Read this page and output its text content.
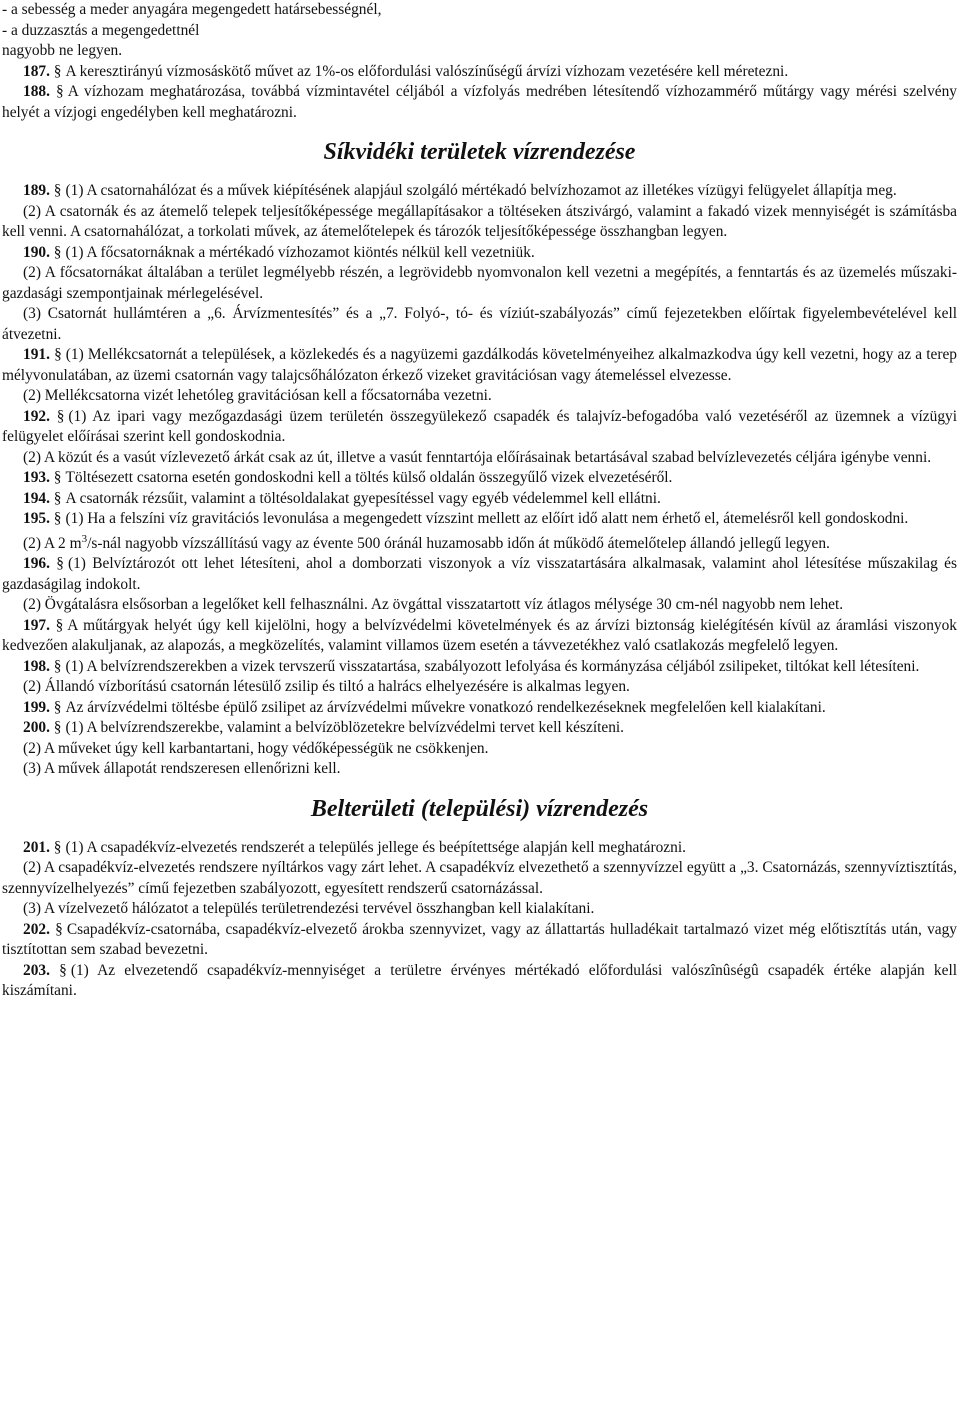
- a sebesség a meder anyagára megengedett határsebességnél,

- a duzzasztás a megengedettnél

nagyobb ne legyen.

187. § A keresztirányú vízmosáskötő művet az 1%-os előfordulási valószínűségű árvízi vízhozam vezetésére kell méretezni.

188. § A vízhozam meghatározása, továbbá vízmintavétel céljából a vízfolyás medrében létesítendő vízhozammérő műtárgy vagy mérési szelvény helyét a vízjogi engedélyben kell meghatározni.

Síkvidéki területek vízrendezése

189. § (1) A csatornahálózat és a művek kiépítésének alapjául szolgáló mértékadó belvízhozamot az illetékes vízügyi felügyelet állapítja meg.

(2) A csatornák és az átemelő telepek teljesítőképessége megállapításakor a töltéseken átszivárgó, valamint a fakadó vizek mennyiségét is számításba kell venni. A csatornahálózat, a torkolati művek, az átemelőtelepek és tározók teljesítőképessége összhangban legyen.

190. § (1) A főcsatornáknak a mértékadó vízhozamot kiöntés nélkül kell vezetniük.

(2) A főcsatornákat általában a terület legmélyebb részén, a legrövidebb nyomvonalon kell vezetni a megépítés, a fenntartás és az üzemelés műszaki-gazdasági szempontjainak mérlegelésével.

(3) Csatornát hullámtéren a „6. Árvízmentesítés” és a „7. Folyó-, tó- és víziút-szabályozás” című fejezetekben előírtak figyelembevételével kell átvezetni.

191. § (1) Mellékcsatornát a települések, a közlekedés és a nagyüzemi gazdálkodás követelményeihez alkalmazkodva úgy kell vezetni, hogy az a terep mélyvonulatában, az üzemi csatornán vagy talajcsőhálózaton érkező vizeket gravitációsan vagy átemeléssel elvezesse.

(2) Mellékcsatorna vizét lehetóleg gravitációsan kell a főcsatornába vezetni.

192. § (1) Az ipari vagy mezőgazdasági üzem területén összegyülekező csapadék és talajvíz-befogadóba való vezetéséről az üzemnek a vízügyi felügyelet előírásai szerint kell gondoskodnia.

(2) A közút és a vasút vízlevezető árkát csak az út, illetve a vasút fenntartója előírásainak betartásával szabad belvízlevezetés céljára igénybe venni.

193. § Töltésezett csatorna esetén gondoskodni kell a töltés külső oldalán összegyűlő vizek elvezetéséről.

194. § A csatornák rézsűit, valamint a töltésoldalakat gyepesítéssel vagy egyéb védelemmel kell ellátni.

195. § (1) Ha a felszíni víz gravitációs levonulása a megengedett vízszint mellett az előírt idő alatt nem érhető el, átemelésről kell gondoskodni.

(2) A 2 $m^3/s$-nál nagyobb vízszállítású vagy az évente 500 óránál huzamosabb időn át működő átemelőtelep állandó jellegű legyen.

196. § (1) Belvíztározót ott lehet létesíteni, ahol a domborzati viszonyok a víz visszatartására alkalmasak, valamint ahol létesítése műszakilag és gazdaságilag indokolt.

(2) Övgátalásra elsősorban a legelőket kell felhasználni. Az övgáttal visszatartott víz átlagos mélysége 30 cm-nél nagyobb nem lehet.

197. § A műtárgyak helyét úgy kell kijelölni, hogy a belvízvédelmi követelmények és az árvízi biztonság kielégítésén kívül az áramlási viszonyok kedvezően alakuljanak, az alapozás, a megközelítés, valamint villamos üzem esetén a távvezetékhez való csatlakozás megfelelő legyen.

198. § (1) A belvízrendszerekben a vizek tervszerű visszatartása, szabályozott lefolyása és kormányzása céljából zsilipeket, tiltókat kell létesíteni.

(2) Állandó vízborítású csatornán létesülő zsilip és tiltó a halrács elhelyezésére is alkalmas legyen.

199. § Az árvízvédelmi töltésbe épülő zsilipet az árvízvédelmi művekre vonatkozó rendelkezéseknek megfelelően kell kialakítani.

200. § (1) A belvízrendszerekbe, valamint a belvízöblözetekre belvízvédelmi tervet kell készíteni.

(2) A műveket úgy kell karbantartani, hogy védőképességük ne csökkenjen.

(3) A művek állapotát rendszeresen ellenőrizni kell.

Belterületi (települési) vízrendezés

201. § (1) A csapadékvíz-elvezetés rendszerét a település jellege és beépítettsége alapján kell meghatározni.

(2) A csapadékvíz-elvezetés rendszere nyíltárkos vagy zárt lehet. A csapadékvíz elvezethető a szennyvízzel együtt a „3. Csatornázás, szennyvíztisztítás, szennyvízelhelyezés” című fejezetben szabályozott, egyesített rendszerű csatornázással.

(3) A vízelvezető hálózatot a település területrendezési tervével összhangban kell kialakítani.

202. § Csapadékvíz-csatornába, csapadékvíz-elvezető árokba szennyvizet, vagy az állattartás hulladékait tartalmazó vizet még előtisztítás után, vagy tisztítottan sem szabad bevezetni.

203. § (1) Az elvezetendő csapadékvíz-mennyiséget a területre érvényes mértékadó előfordulási valószînûségû csapadék értéke alapján kell kiszámítani.
